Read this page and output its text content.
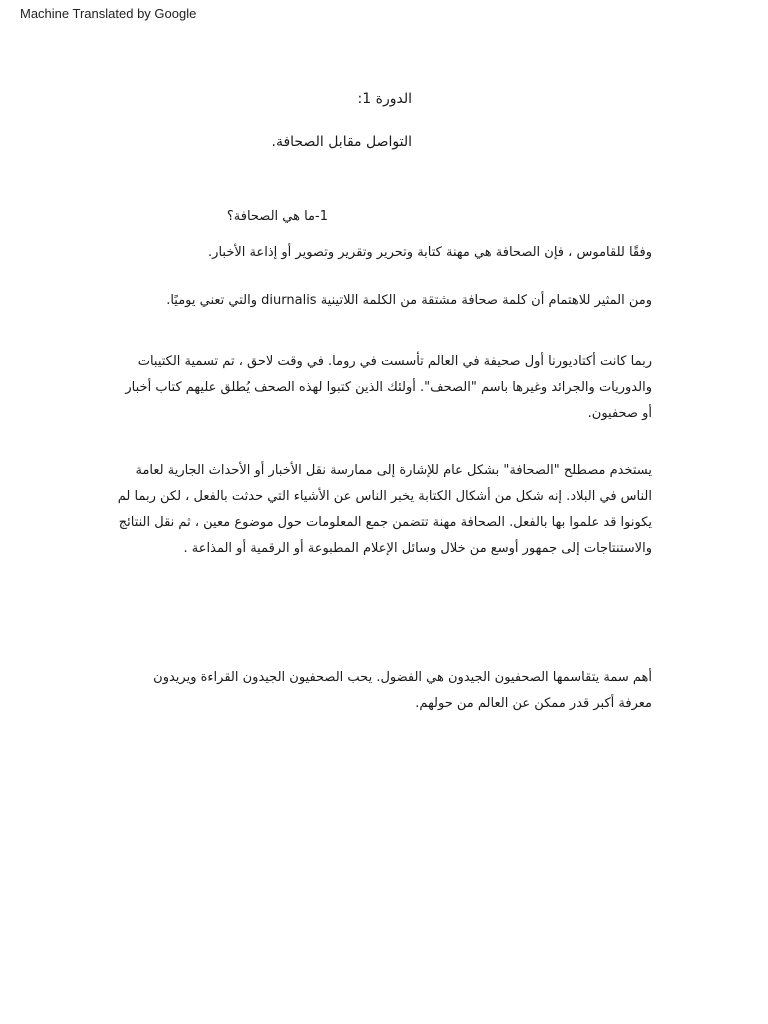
Machine Translated by Google
الدورة 1:
التواصل مقابل الصحافة.
1-ما هي الصحافة؟
وفقًا للقاموس ، فإن الصحافة هي مهنة كتابة وتحرير وتقرير وتصوير أو إذاعة الأخبار.
ومن المثير للاهتمام أن كلمة صحافة مشتقة من الكلمة اللاتينية diurnalis والتي تعني يوميًا.
ربما كانت أكتاديورنا أول صحيفة في العالم تأسست في روما. في وقت لاحق ، تم تسمية الكتيبات والدوريات والجرائد وغيرها باسم "الصحف". أولئك الذين كتبوا لهذه الصحف يُطلق عليهم كتاب أخبار أو صحفيون.
يستخدم مصطلح "الصحافة" بشكل عام للإشارة إلى ممارسة نقل الأخبار أو الأحداث الجارية لعامة الناس في البلاد. إنه شكل من أشكال الكتابة يخبر الناس عن الأشياء التي حدثت بالفعل ، لكن ربما لم يكونوا قد علموا بها بالفعل. الصحافة مهنة تتضمن جمع المعلومات حول موضوع معين ، ثم نقل النتائج والاستنتاجات إلى جمهور أوسع من خلال وسائل الإعلام المطبوعة أو الرقمية أو المذاعة .
أهم سمة يتقاسمها الصحفيون الجيدون هي الفضول. يحب الصحفيون الجيدون القراءة ويريدون معرفة أكبر قدر ممكن عن العالم من حولهم.
